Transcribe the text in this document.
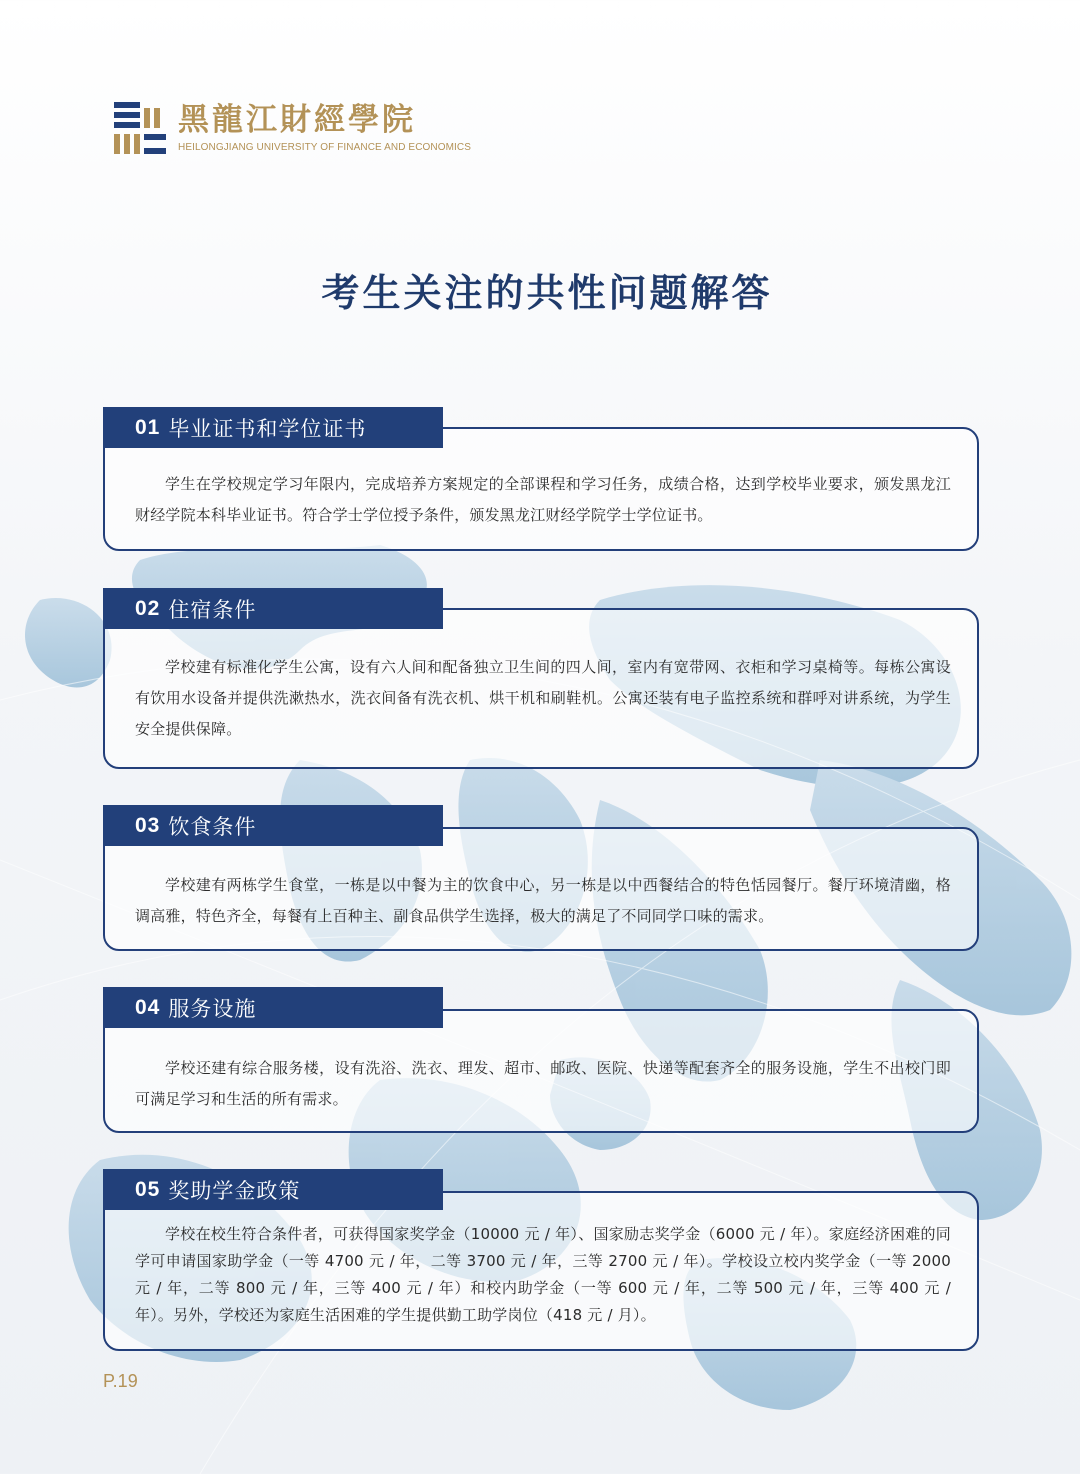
黑龍江財經學院
HEILONGJIANG UNIVERSITY OF FINANCE AND ECONOMICS
考生关注的共性问题解答
01 毕业证书和学位证书

学生在学校规定学习年限内，完成培养方案规定的全部课程和学习任务，成绩合格，达到学校毕业要求，颁发黑龙江财经学院本科毕业证书。符合学士学位授予条件，颁发黑龙江财经学院学士学位证书。

02 住宿条件

学校建有标准化学生公寓，设有六人间和配备独立卫生间的四人间，室内有宽带网、衣柜和学习桌椅等。每栋公寓设有饮用水设备并提供洗漱热水，洗衣间备有洗衣机、烘干机和刷鞋机。公寓还装有电子监控系统和群呼对讲系统，为学生安全提供保障。

03 饮食条件

学校建有两栋学生食堂，一栋是以中餐为主的饮食中心，另一栋是以中西餐结合的特色恬园餐厅。餐厅环境清幽，格调高雅，特色齐全，每餐有上百种主、副食品供学生选择，极大的满足了不同同学口味的需求。

04 服务设施

学校还建有综合服务楼，设有洗浴、洗衣、理发、超市、邮政、医院、快递等配套齐全的服务设施，学生不出校门即可满足学习和生活的所有需求。

05 奖助学金政策

学校在校生符合条件者，可获得国家奖学金（10000 元 / 年）、国家励志奖学金（6000 元 / 年）。家庭经济困难的同学可申请国家助学金（一等 4700 元 / 年，二等 3700 元 / 年，三等 2700 元 / 年）。学校设立校内奖学金（一等 2000 元 / 年，二等 800 元 / 年，三等 400 元 / 年）和校内助学金（一等 600 元 / 年，二等 500 元 / 年，三等 400 元 / 年）。另外，学校还为家庭生活困难的学生提供勤工助学岗位（418 元 / 月）。

P.19
